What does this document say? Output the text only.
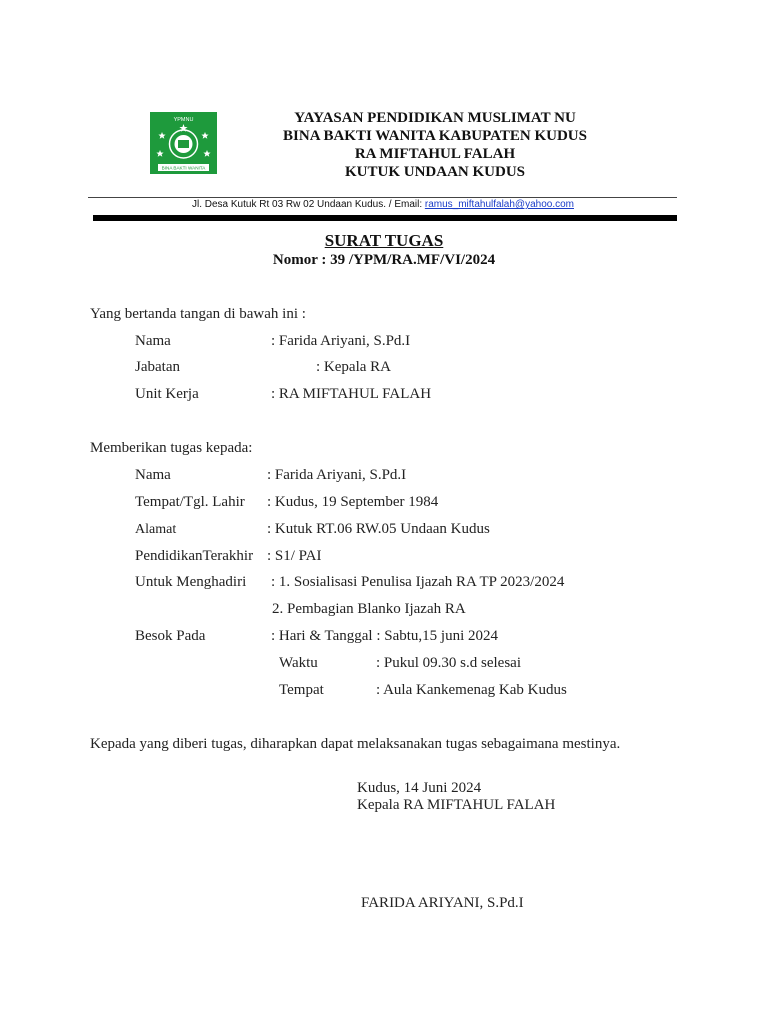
YPMNU
BINA BAKTI WANITA
YAYASAN PENDIDIKAN MUSLIMAT NU
BINA BAKTI WANITA KABUPATEN KUDUS
RA MIFTAHUL FALAH
KUTUK UNDAAN KUDUS
Jl. Desa Kutuk Rt 03 Rw 02 Undaan Kudus. / Email: ramus_miftahulfalah@yahoo.com
SURAT TUGAS
Nomor : 39 /YPM/RA.MF/VI/2024
Yang bertanda tangan di bawah ini :
Nama	: Farida Ariyani, S.Pd.I
Jabatan	: Kepala RA
Unit Kerja	: RA MIFTAHUL FALAH
Memberikan tugas kepada:
Nama	: Farida Ariyani, S.Pd.I
Tempat/Tgl. Lahir : Kudus, 19 September 1984
Alamat	: Kutuk RT.06 RW.05 Undaan Kudus
PendidikanTerakhir : S1/ PAI
Untuk Menghadiri : 1. Sosialisasi Penulisa Ijazah RA TP 2023/2024
2. Pembagian Blanko Ijazah RA
Besok Pada	: Hari & Tanggal : Sabtu,15 juni 2024
Waktu	: Pukul 09.30 s.d selesai
Tempat	: Aula Kankemenag Kab Kudus
Kepada yang diberi tugas, diharapkan dapat melaksanakan tugas sebagaimana mestinya.
Kudus, 14 Juni 2024
Kepala RA MIFTAHUL FALAH
FARIDA ARIYANI, S.Pd.I
